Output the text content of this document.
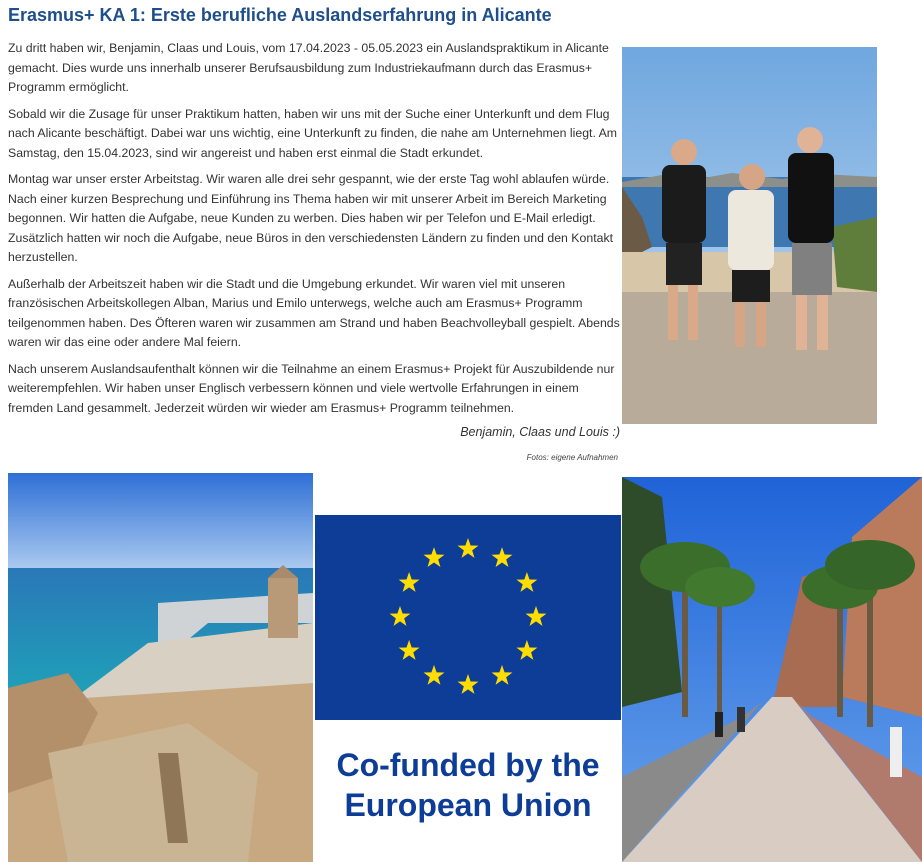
Erasmus+ KA 1: Erste berufliche Auslandserfahrung in Alicante

Zu dritt haben wir, Benjamin, Claas und Louis, vom 17.04.2023 - 05.05.2023 ein Auslandspraktikum in Alicante gemacht. Dies wurde uns innerhalb unserer Berufsausbildung zum Industriekaufmann durch das Erasmus+ Programm ermöglicht.

Sobald wir die Zusage für unser Praktikum hatten, haben wir uns mit der Suche einer Unterkunft und dem Flug nach Alicante beschäftigt. Dabei war uns wichtig, eine Unterkunft zu finden, die nahe am Unternehmen liegt. Am Samstag, den 15.04.2023, sind wir angereist und haben erst einmal die Stadt erkundet.

Montag war unser erster Arbeitstag. Wir waren alle drei sehr gespannt, wie der erste Tag wohl ablaufen würde. Nach einer kurzen Besprechung und Einführung ins Thema haben wir mit unserer Arbeit im Bereich Marketing begonnen. Wir hatten die Aufgabe, neue Kunden zu werben. Dies haben wir per Telefon und E-Mail erledigt. Zusätzlich hatten wir noch die Aufgabe, neue Büros in den verschiedensten Ländern zu finden und den Kontakt herzustellen.

Außerhalb der Arbeitszeit haben wir die Stadt und die Umgebung erkundet. Wir waren viel mit unseren französischen Arbeitskollegen Alban, Marius und Emilo unterwegs, welche auch am Erasmus+ Programm teilgenommen haben. Des Öfteren waren wir zusammen am Strand und haben Beachvolleyball gespielt. Abends waren wir das eine oder andere Mal feiern.

Nach unserem Auslandsaufenthalt können wir die Teilnahme an einem Erasmus+ Projekt für Auszubildende nur weiterempfehlen. Wir haben unser Englisch verbessern können und viele wertvolle Erfahrungen in einem fremden Land gesammelt. Jederzeit würden wir wieder am Erasmus+ Programm teilnehmen.

Benjamin, Claas und Louis :)
Fotos: eigene Aufnahmen
Co-funded by the
European Union
